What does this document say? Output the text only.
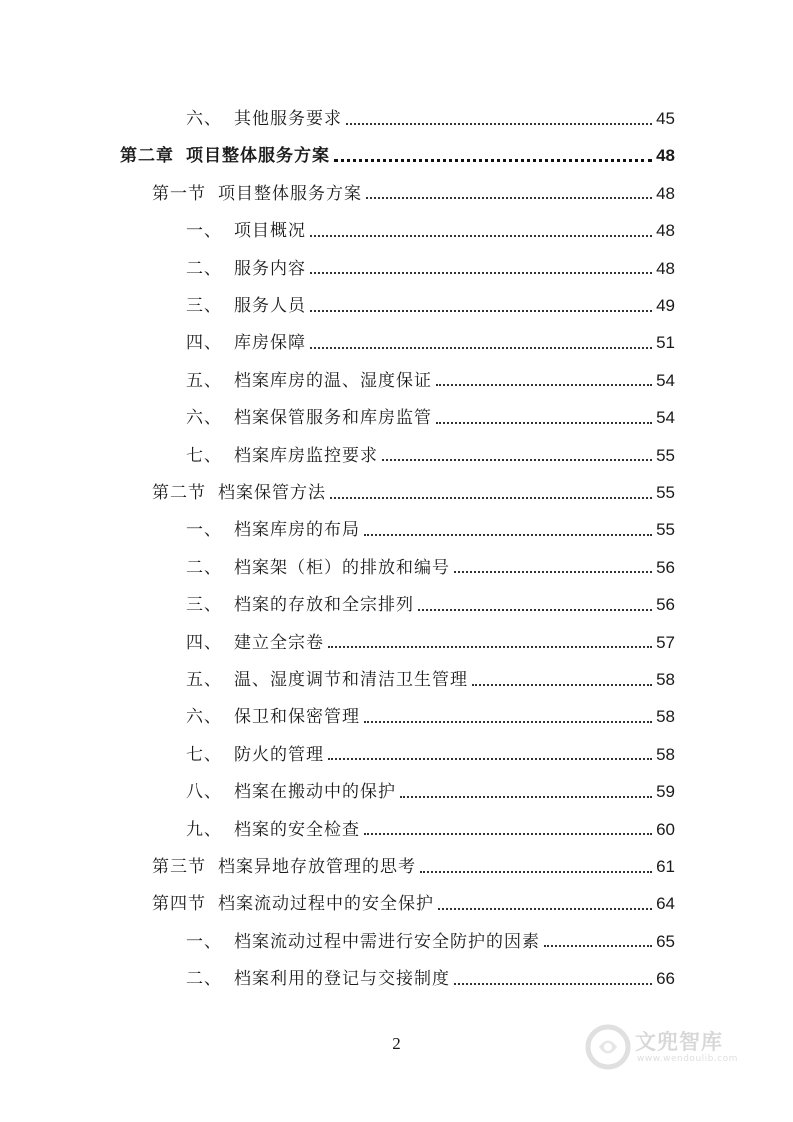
六、 其他服务要求	45
第二章 项目整体服务方案	48
第一节 项目整体服务方案	48
一、 项目概况	48
二、 服务内容	48
三、 服务人员	49
四、 库房保障	51
五、 档案库房的温、湿度保证	54
六、 档案保管服务和库房监管	54
七、 档案库房监控要求	55
第二节 档案保管方法	55
一、 档案库房的布局	55
二、 档案架（柜）的排放和编号	56
三、 档案的存放和全宗排列	56
四、 建立全宗卷	57
五、 温、湿度调节和清洁卫生管理	58
六、 保卫和保密管理	58
七、 防火的管理	58
八、 档案在搬动中的保护	59
九、 档案的安全检查	60
第三节 档案异地存放管理的思考	61
第四节 档案流动过程中的安全保护	64
一、 档案流动过程中需进行安全防护的因素	65
二、 档案利用的登记与交接制度	66
2	文兜智库
www.wendoulib.com
